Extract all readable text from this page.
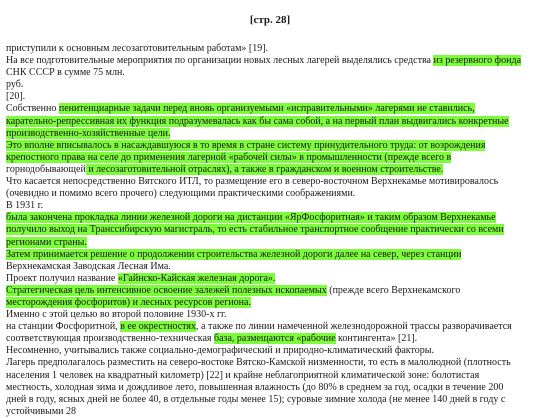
[стр. 28]
приступили к основным лесозаготовительным работам» [19].
На все подготовительные мероприятия по организации новых лесных лагерей выделялись средства из резервного фонда
СНК СССР в сумме 75 млн.
руб.
[20].
Собственно пенитенциарные задачи перед вновь организуемыми «исправительными» лагерями не ставились,
карательно-репрессивная их функция подразумевалась как бы сама собой, а на первый план выдвигались конкретные
производственно-хозяйственные цели.
Это вполне вписывалось в насаждавшуюся в то время в стране систему принудительного труда: от возрождения
крепостного права на селе до применения лагерной «рабочей силы» в промышленности (прежде всего в
горнодобывающей и лесозаготовительной отраслях), а также в гражданском и военном строительстве.
Что касается непосредственно Вятского ИТЛ, то размещение его в северо-восточном Верхнекамье мотивировалось
(очевидно и помимо всего прочего) следующими практическими соображениями.
В 1931 г.
была закончена прокладка линии железной дороги на дистанции «ЯрФосфоритная» и таким образом Верхнекамье
получило выход на Транссибирскую магистраль, то есть стабильное транспортное сообщение практически со всеми
регионами страны.
Затем принимается решение о продолжении строительства железной дороги далее на север, через станции
Верхнекамская Заводская Лесная Има.
Проект получил название «Гайнско-Кайская железная дорога».
Стратегическая цель интенсивное освоение залежей полезных ископаемых (прежде всего Верхнекамского
месторождения фосфоритов) и лесных ресурсов региона.
Именно с этой целью во второй половине 1930-х гг.
на станции Фосфоритной, в ее окрестностях, а также по линии намеченной железнодорожной трассы разворачивается
соответствующая производственно-техническая база, размещаются «рабочие контингента» [21].
Несомненно, учитывались также социально-демографический и природно-климатический факторы.
Лагерь предполагалось разместить на северо-востоке Вятско-Камской низменности, то есть в малолюдной (плотность
населения 1 человек на квадратный километр) [22] и крайне неблагоприятной климатической зоне: болотистая
местность, холодная зима и дождливое лето, повышенная влажность (до 80% в среднем за год, осадки в течение 200
дней в году, ясных дней не более 40, в отдельные годы менее 15); суровые зимние холода (не менее 140 дней в году с
устойчивыми 28
